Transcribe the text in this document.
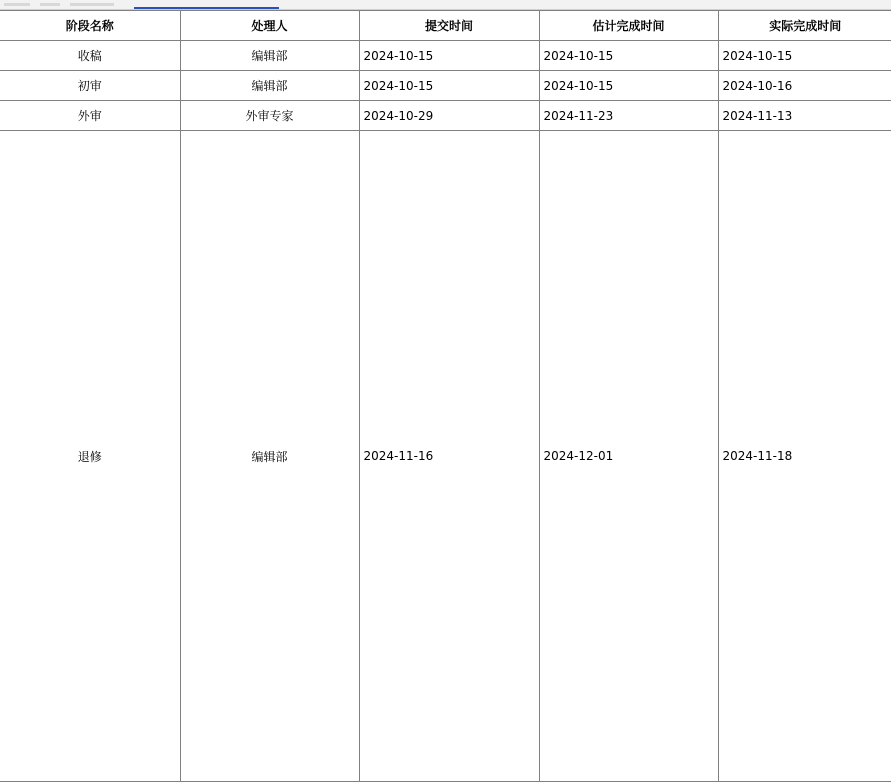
阶段名称	处理人	提交时间	估计完成时间	实际完成时间
收稿	编辑部	2024-10-15	2024-10-15	2024-10-15
初审	编辑部	2024-10-15	2024-10-15	2024-10-16
外审	外审专家	2024-10-29	2024-11-23	2024-11-13
退修	编辑部	2024-11-16	2024-12-01	2024-11-18
